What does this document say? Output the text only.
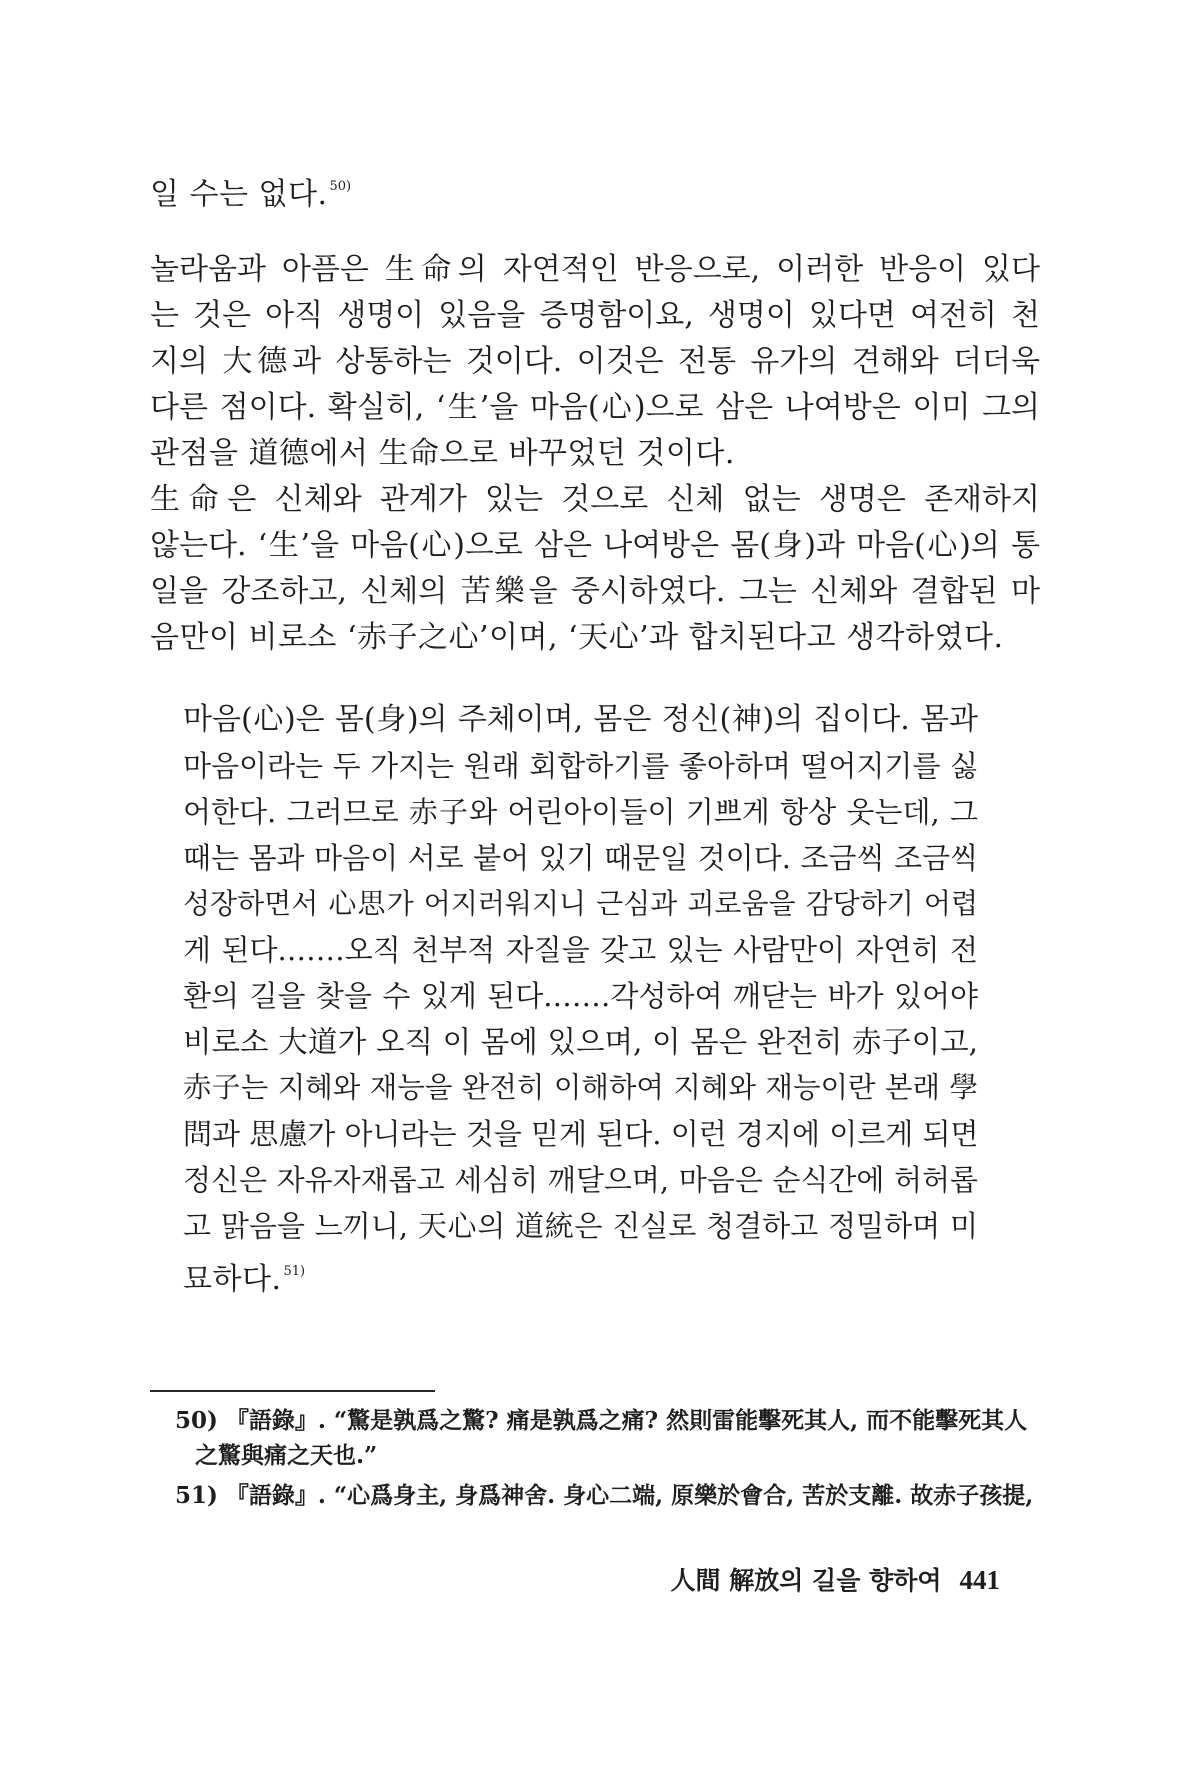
일 수는 없다. $^{50)}$
놀라움과 아픔은 生命의 자연적인 반응으로, 이러한 반응이 있다
는 것은 아직 생명이 있음을 증명함이요, 생명이 있다면 여전히 천
지의 大德과 상통하는 것이다. 이것은 전통 유가의 견해와 더더욱
다른 점이다. 확실히, ‘生’을 마음(心)으로 삼은 나여방은 이미 그의
관점을 道德에서 生命으로 바꾸었던 것이다.
生命은 신체와 관계가 있는 것으로 신체 없는 생명은 존재하지
않는다. ‘生’을 마음(心)으로 삼은 나여방은 몸(身)과 마음(心)의 통
일을 강조하고, 신체의 苦樂을 중시하였다. 그는 신체와 결합된 마
음만이 비로소 ‘赤子之心’이며, ‘天心’과 합치된다고 생각하였다.
마음(心)은 몸(身)의 주체이며, 몸은 정신(神)의 집이다. 몸과
마음이라는 두 가지는 원래 회합하기를 좋아하며 떨어지기를 싫
어한다. 그러므로 赤子와 어린아이들이 기쁘게 항상 웃는데, 그
때는 몸과 마음이 서로 붙어 있기 때문일 것이다. 조금씩 조금씩
성장하면서 心思가 어지러워지니 근심과 괴로움을 감당하기 어렵
게 된다.……오직 천부적 자질을 갖고 있는 사람만이 자연히 전
환의 길을 찾을 수 있게 된다.……각성하여 깨닫는 바가 있어야
비로소 大道가 오직 이 몸에 있으며, 이 몸은 완전히 赤子이고,
赤子는 지혜와 재능을 완전히 이해하여 지혜와 재능이란 본래 學
問과 思慮가 아니라는 것을 믿게 된다. 이런 경지에 이르게 되면
정신은 자유자재롭고 세심히 깨달으며, 마음은 순식간에 허허롭
고 맑음을 느끼니, 天心의 道統은 진실로 청결하고 정밀하며 미
묘하다. $^{51)}$
50) 『語錄』. “驚是孰爲之驚? 痛是孰爲之痛? 然則雷能擊死其人, 而不能擊死其人
之驚與痛之天也.”
51) 『語錄』. “心爲身主, 身爲神舍. 身心二端, 原樂於會合, 苦於支離. 故赤子孩提,
人間 解放의 길을 향하여 441
